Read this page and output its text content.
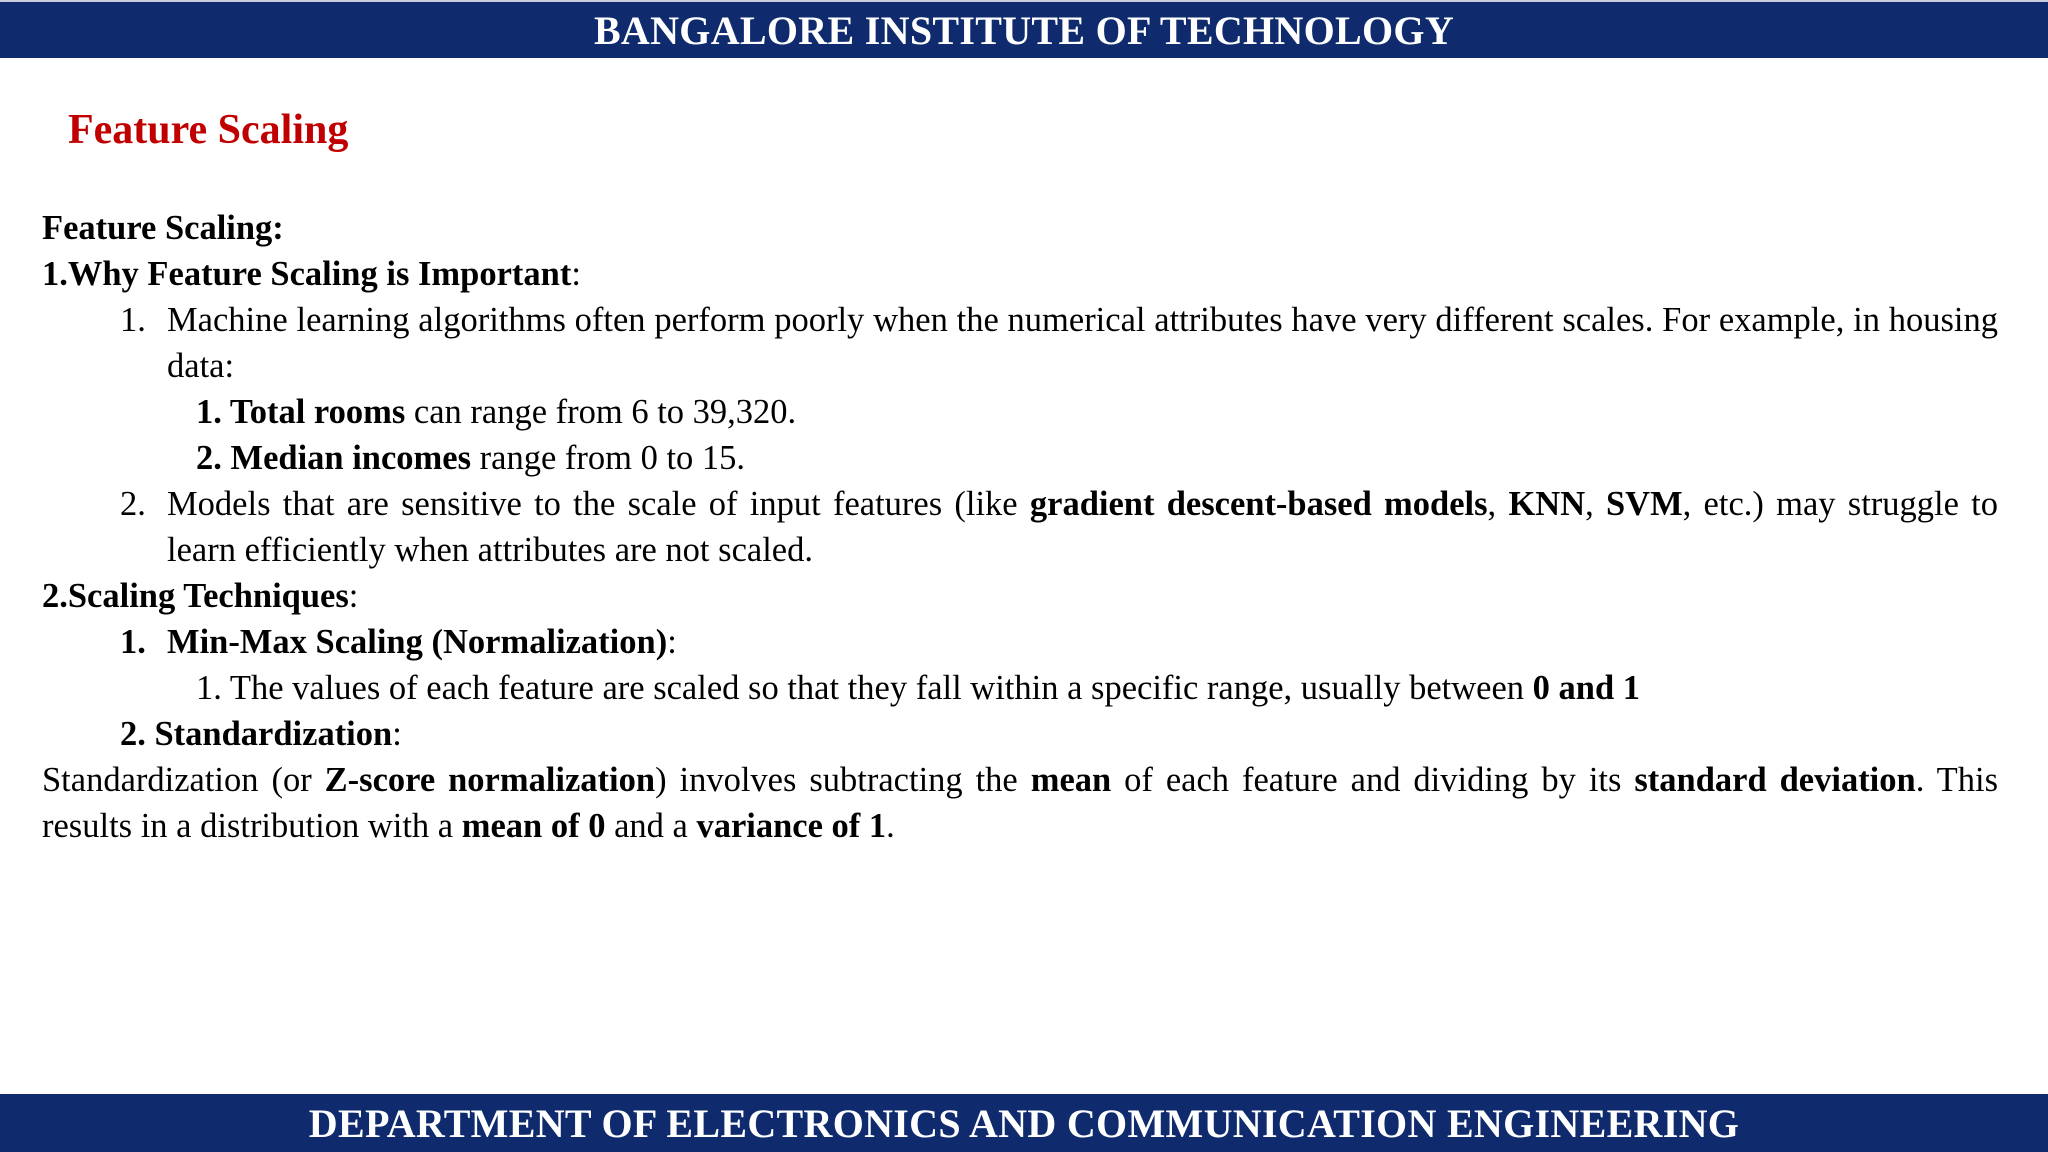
BANGALORE INSTITUTE OF TECHNOLOGY
Feature Scaling

Feature Scaling:

1.Why Feature Scaling is Important:

1. Machine learning algorithms often perform poorly when the numerical attributes have very different scales. For example, in housing data:

1. Total rooms can range from 6 to 39,320.

2. Median incomes range from 0 to 15.

2. Models that are sensitive to the scale of input features (like gradient descent-based models, KNN, SVM, etc.) may struggle to learn efficiently when attributes are not scaled.

2.Scaling Techniques:

1. Min-Max Scaling (Normalization):

1. The values of each feature are scaled so that they fall within a specific range, usually between 0 and 1

2. Standardization:

Standardization (or Z-score normalization) involves subtracting the mean of each feature and dividing by its standard deviation. This results in a distribution with a mean of 0 and a variance of 1.

DEPARTMENT OF ELECTRONICS AND COMMUNICATION ENGINEERING
